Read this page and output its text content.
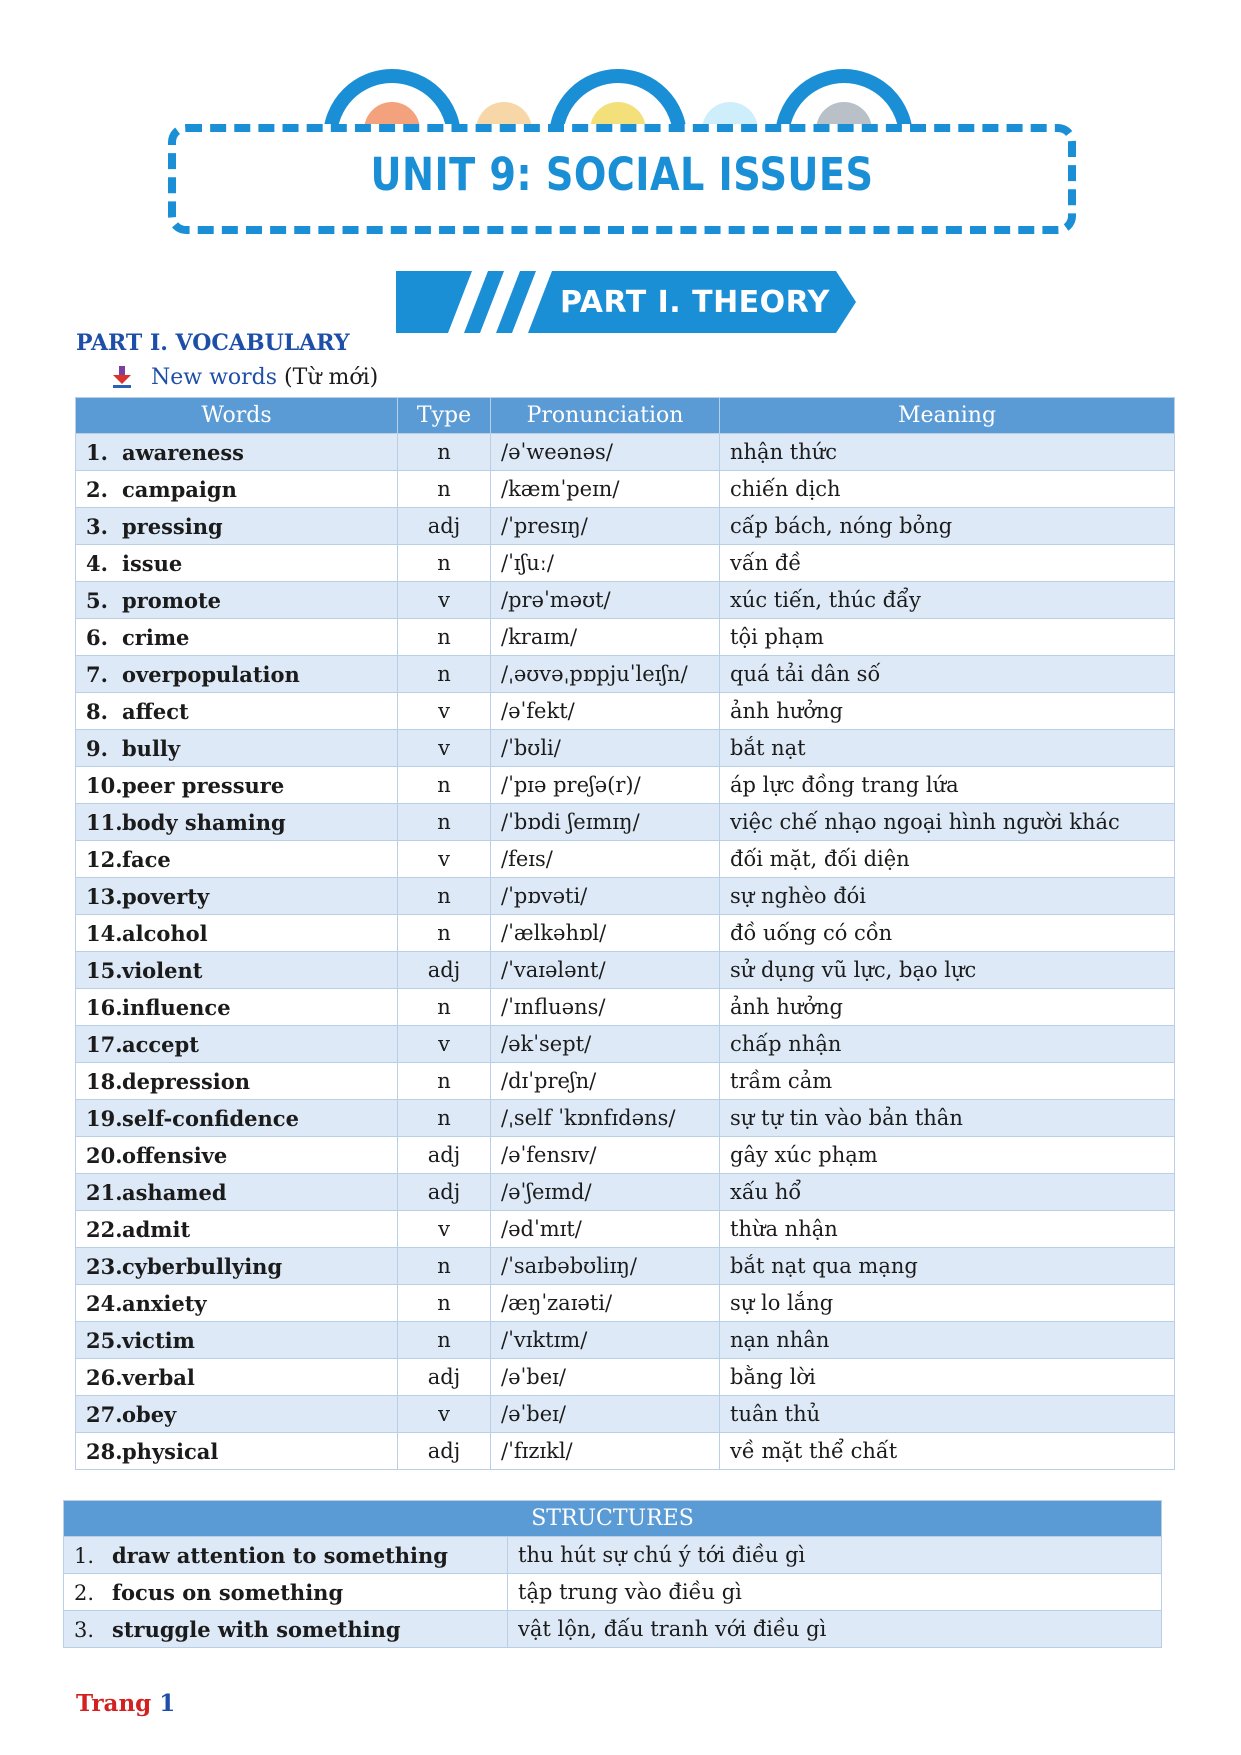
UNIT 9: SOCIAL ISSUES
PART I. THEORY
PART I. VOCABULARY
New words (Từ mới)
Words	Type	Pronunciation	Meaning
1. awareness	n	/əˈweənəs/	nhận thức
2. campaign	n	/kæmˈpeɪn/	chiến dịch
3. pressing	adj	/ˈpresɪŋ/	cấp bách, nóng bỏng
4. issue	n	/ˈɪʃuː/	vấn đề
5. promote	v	/prəˈməʊt/	xúc tiến, thúc đẩy
6. crime	n	/kraɪm/	tội phạm
7. overpopulation	n	/ˌəʊvəˌpɒpjuˈleɪʃn/	quá tải dân số
8. affect	v	/əˈfekt/	ảnh hưởng
9. bully	v	/ˈbʊli/	bắt nạt
10.peer pressure	n	/ˈpɪə preʃə(r)/	áp lực đồng trang lứa
11.body shaming	n	/ˈbɒdi ʃeɪmɪŋ/	việc chế nhạo ngoại hình người khác
12.face	v	/feɪs/	đối mặt, đối diện
13.poverty	n	/ˈpɒvəti/	sự nghèo đói
14.alcohol	n	/ˈælkəhɒl/	đồ uống có cồn
15.violent	adj	/ˈvaɪələnt/	sử dụng vũ lực, bạo lực
16.influence	n	/ˈɪnfluəns/	ảnh hưởng
17.accept	v	/əkˈsept/	chấp nhận
18.depression	n	/dɪˈpreʃn/	trầm cảm
19.self-confidence	n	/ˌself ˈkɒnfɪdəns/	sự tự tin vào bản thân
20.offensive	adj	/əˈfensɪv/	gây xúc phạm
21.ashamed	adj	/əˈʃeɪmd/	xấu hổ
22.admit	v	/ədˈmɪt/	thừa nhận
23.cyberbullying	n	/ˈsaɪbəbʊliɪŋ/	bắt nạt qua mạng
24.anxiety	n	/æŋˈzaɪəti/	sự lo lắng
25.victim	n	/ˈvɪktɪm/	nạn nhân
26.verbal	adj	/əˈbeɪ/	bằng lời
27.obey	v	/əˈbeɪ/	tuân thủ
28.physical	adj	/ˈfɪzɪkl/	về mặt thể chất
STRUCTURES	
1. draw attention to something	thu hút sự chú ý tới điều gì
2. focus on something	tập trung vào điều gì
3. struggle with something	vật lộn, đấu tranh với điều gì
Trang 1
